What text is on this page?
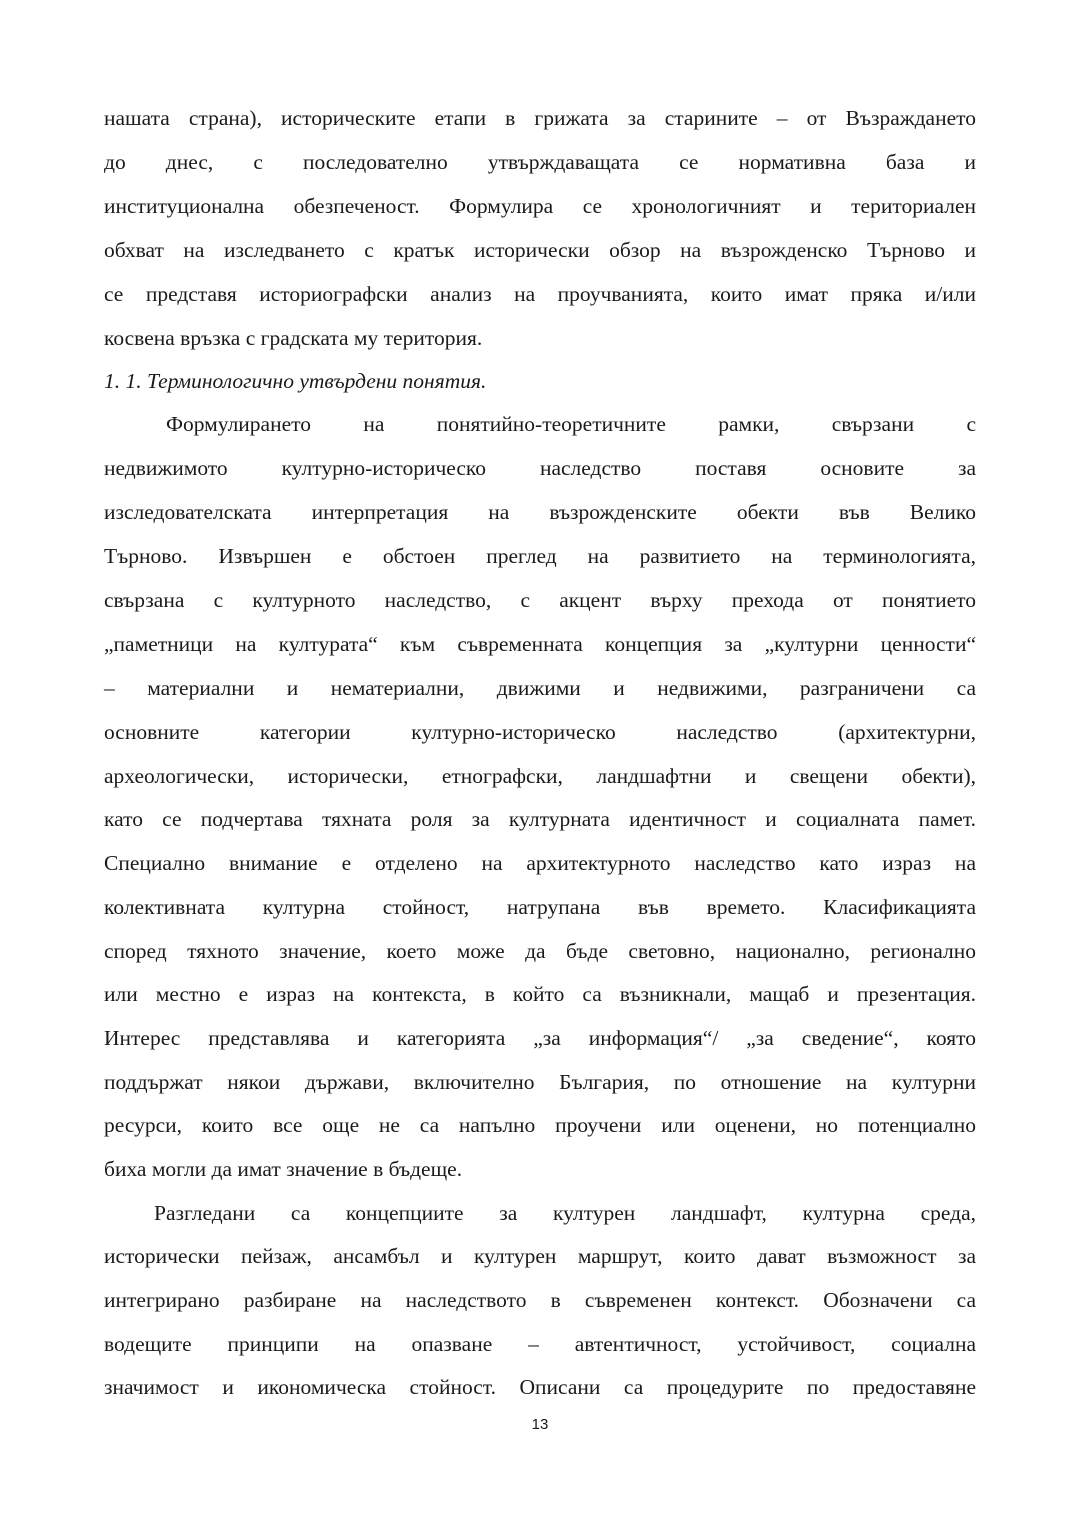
нашата страна), историческите етапи в грижата за старините – от Възраждането
до днес, с последователно утвърждаващата се нормативна база и
институционална обезпеченост. Формулира се хронологичният и териториален
обхват на изследването с кратък исторически обзор на възрожденско Търново и
се представя историографски анализ на проучванията, които имат пряка и/или
косвена връзка с градската му територия.
1. 1. Терминологично утвърдени понятия.
Формулирането на понятийно-теоретичните рамки, свързани с
недвижимото културно-историческо наследство поставя основите за
изследователската интерпретация на възрожденските обекти във Велико
Търново. Извършен е обстоен преглед на развитието на терминологията,
свързана с културното наследство, с акцент върху прехода от понятието
„паметници на културата“ към съвременната концепция за „културни ценности“
– материални и нематериални, движими и недвижими, разграничени са
основните категории културно-историческо наследство (архитектурни,
археологически, исторически, етнографски, ландшафтни и свещени обекти),
като се подчертава тяхната роля за културната идентичност и социалната памет.
Специално внимание е отделено на архитектурното наследство като израз на
колективната културна стойност, натрупана във времето. Класификацията
според тяхното значение, което може да бъде световно, национално, регионално
или местно е израз на контекста, в който са възникнали, мащаб и презентация.
Интерес представлява и категорията „за информация“/ „за сведение“, която
поддържат някои държави, включително България, по отношение на културни
ресурси, които все още не са напълно проучени или оценени, но потенциално
биха могли да имат значение в бъдеще.
Разгледани са концепциите за културен ландшафт, културна среда,
исторически пейзаж, ансамбъл и културен маршрут, които дават възможност за
интегрирано разбиране на наследството в съвременен контекст. Обозначени са
водещите принципи на опазване – автентичност, устойчивост, социална
значимост и икономическа стойност. Описани са процедурите по предоставяне
13
